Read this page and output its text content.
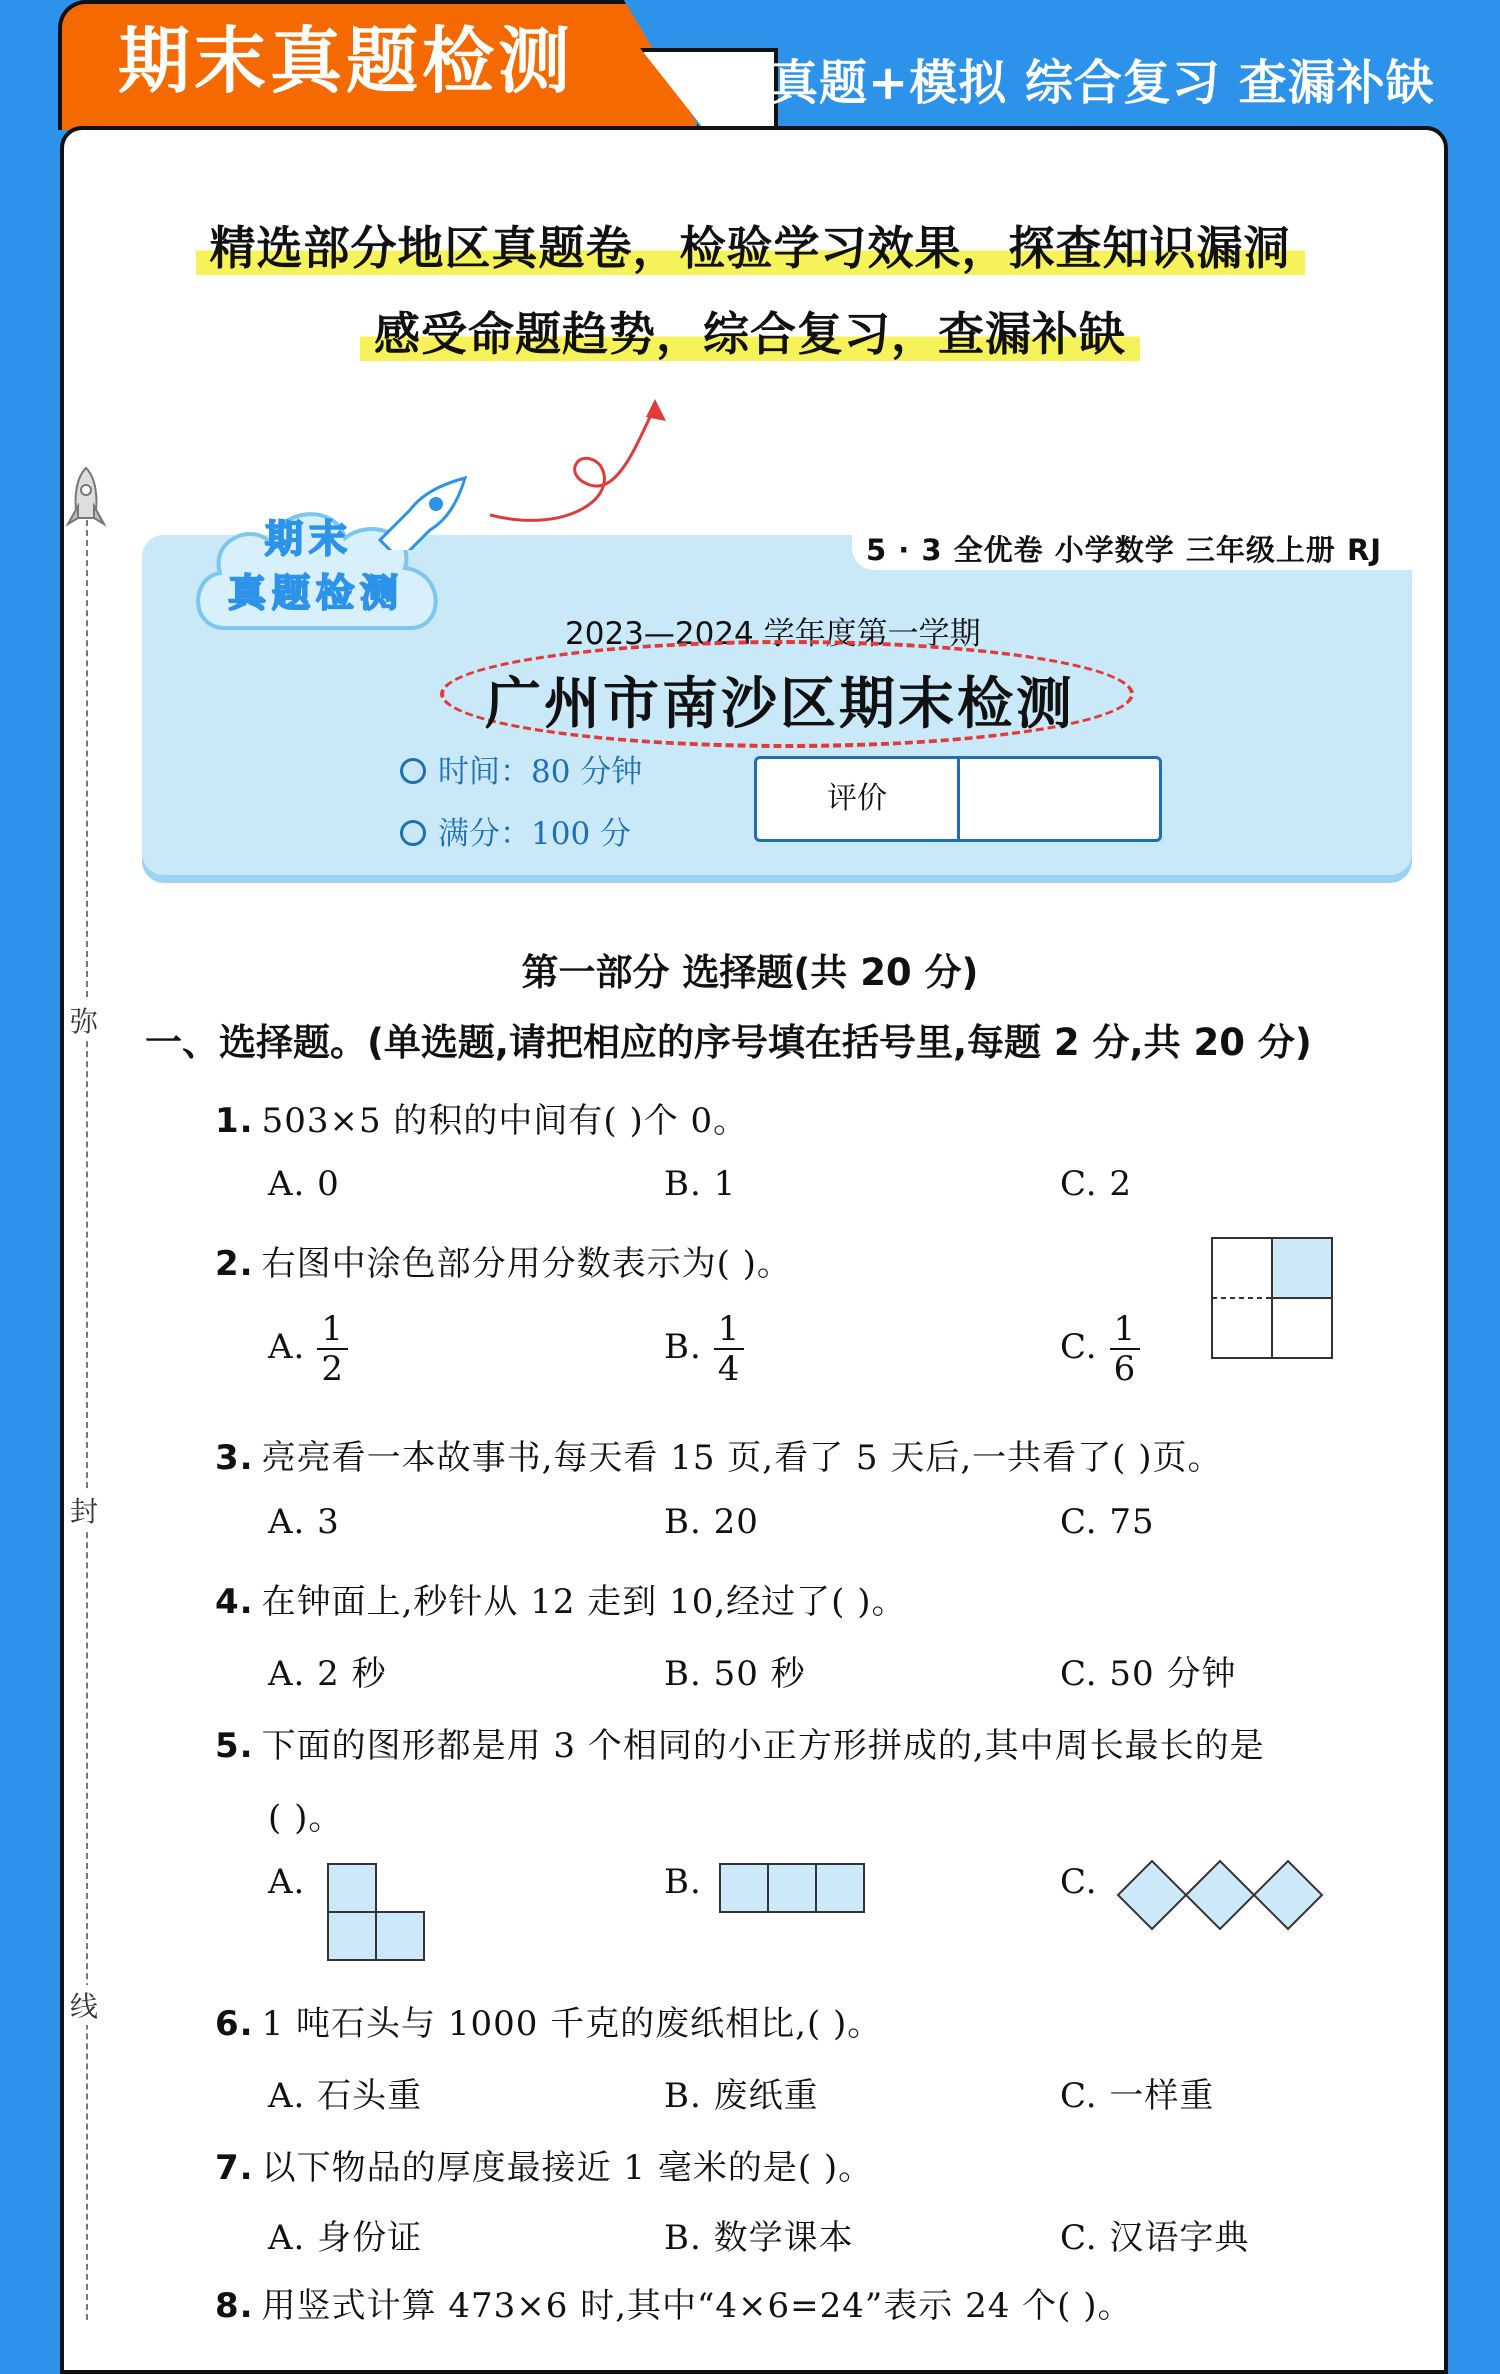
期末真题检测	真题+模拟 综合复习 查漏补缺
精选部分地区真题卷，检验学习效果，探查知识漏洞
感受命题趋势，综合复习，查漏补缺
弥
封
线
5 · 3 全优卷 小学数学 三年级上册 RJ
期末
真题检测
2023—2024 学年度第一学期
广州市南沙区期末检测
时间：80 分钟
满分：100 分
评价
第一部分 选择题(共 20 分)
一、选择题。(单选题,请把相应的序号填在括号里,每题 2 分,共 20 分)
1. 503×5 的积的中间有( )个 0。
A. 0	B. 1	C. 2
2. 右图中涂色部分用分数表示为( )。
A. $\frac{1}{2}$	B. $\frac{1}{4}$	C. $\frac{1}{6}$
3. 亮亮看一本故事书,每天看 15 页,看了 5 天后,一共看了( )页。
A. 3	B. 20	C. 75
4. 在钟面上,秒针从 12 走到 10,经过了( )。
A. 2 秒	B. 50 秒	C. 50 分钟
5. 下面的图形都是用 3 个相同的小正方形拼成的,其中周长最长的是
( )。
A.	B.	C.
6. 1 吨石头与 1000 千克的废纸相比,( )。
A. 石头重	B. 废纸重	C. 一样重
7. 以下物品的厚度最接近 1 毫米的是( )。
A. 身份证	B. 数学课本	C. 汉语字典
8. 用竖式计算 473×6 时,其中“4×6=24”表示 24 个( )。
